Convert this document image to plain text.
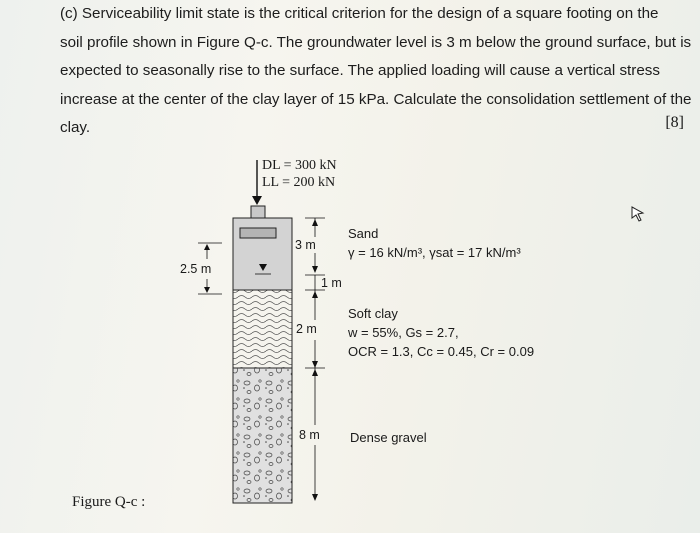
(c) Serviceability limit state is the critical criterion for the design of a square footing on the
soil profile shown in Figure Q-c. The groundwater level is 3 m below the ground surface, but is
expected to seasonally rise to the surface. The applied loading will cause a vertical stress
increase at the center of the clay layer of 15 kPa. Calculate the consolidation settlement of the
clay.	[8]
DL = 300 kN
LL = 200 kN
2.5 m
3 m
1 m
2 m
8 m
Sand
γ = 16 kN/m³, γsat = 17 kN/m³
Soft clay
w = 55%, Gs = 2.7,
OCR = 1.3, Cc = 0.45, Cr = 0.09
Dense gravel
Figure Q-c :
